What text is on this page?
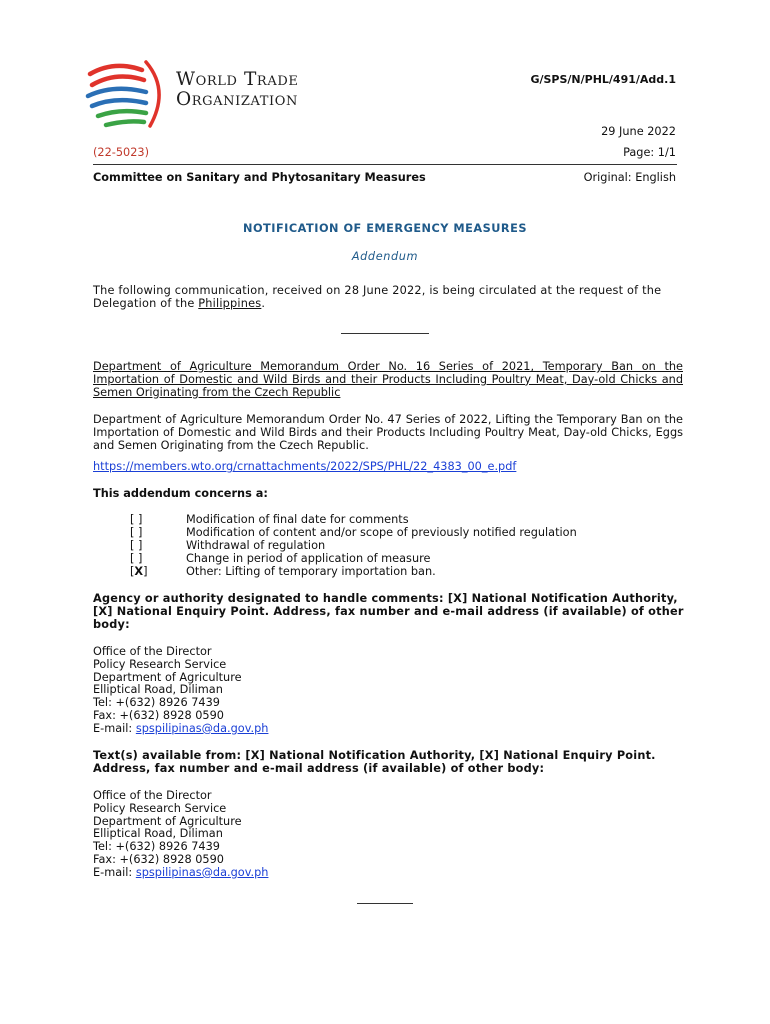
World Trade
Organization
G/SPS/N/PHL/491/Add.1
29 June 2022
(22-5023)	Page: 1/1
Committee on Sanitary and Phytosanitary Measures	Original: English
NOTIFICATION OF EMERGENCY MEASURES
Addendum
The following communication, received on 28 June 2022, is being circulated at the request of the Delegation of the Philippines.
Department of Agriculture Memorandum Order No. 16 Series of 2021, Temporary Ban on the Importation of Domestic and Wild Birds and their Products Including Poultry Meat, Day-old Chicks and Semen Originating from the Czech Republic
Department of Agriculture Memorandum Order No. 47 Series of 2022, Lifting the Temporary Ban on the Importation of Domestic and Wild Birds and their Products Including Poultry Meat, Day-old Chicks, Eggs and Semen Originating from the Czech Republic.
https://members.wto.org/crnattachments/2022/SPS/PHL/22_4383_00_e.pdf
This addendum concerns a:
[ ]	Modification of final date for comments
[ ]	Modification of content and/or scope of previously notified regulation
[ ]	Withdrawal of regulation
[ ]	Change in period of application of measure
[X]	Other: Lifting of temporary importation ban.
Agency or authority designated to handle comments: [X] National Notification Authority, [X] National Enquiry Point. Address, fax number and e-mail address (if available) of other body:
Office of the Director
Policy Research Service
Department of Agriculture
Elliptical Road, Diliman
Tel: +(632) 8926 7439
Fax: +(632) 8928 0590
E-mail: spspilipinas@da.gov.ph
Text(s) available from: [X] National Notification Authority, [X] National Enquiry Point. Address, fax number and e-mail address (if available) of other body:
Office of the Director
Policy Research Service
Department of Agriculture
Elliptical Road, Diliman
Tel: +(632) 8926 7439
Fax: +(632) 8928 0590
E-mail: spspilipinas@da.gov.ph
